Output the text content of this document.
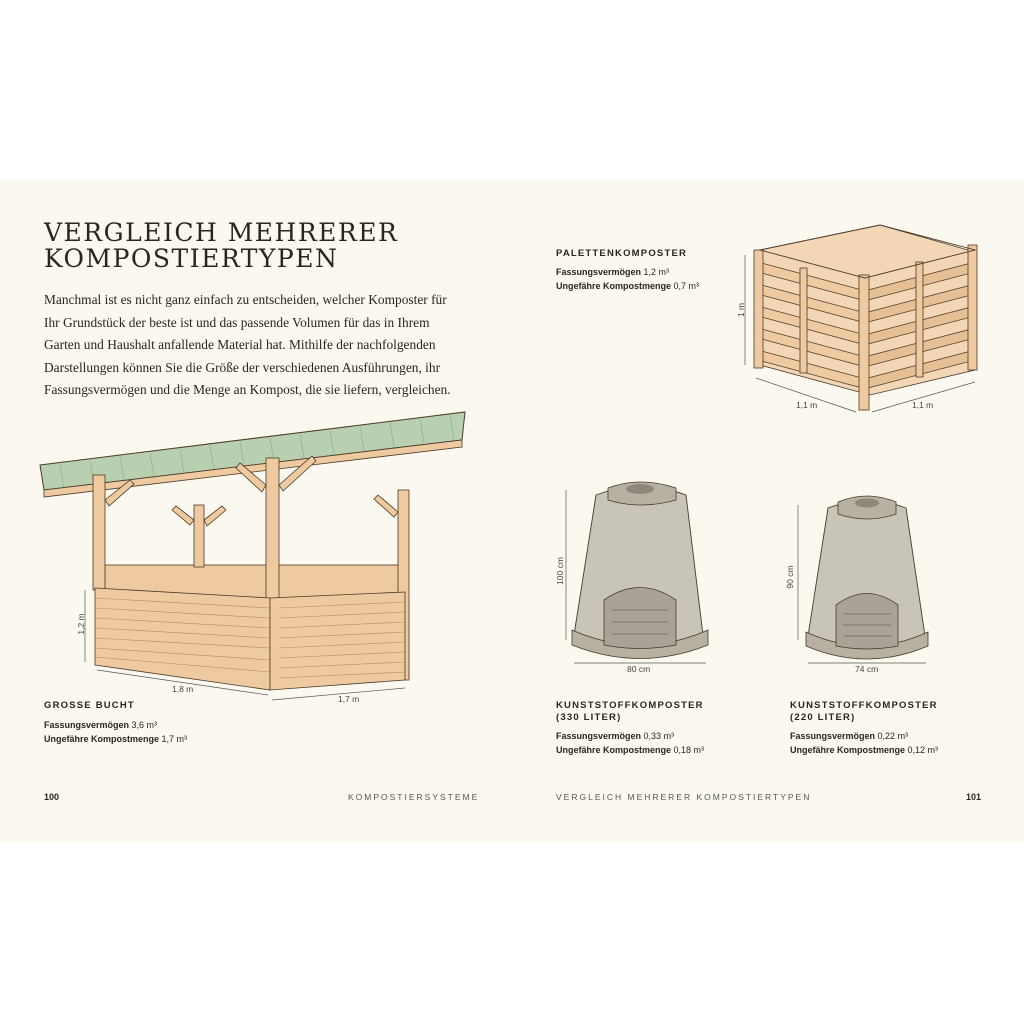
VERGLEICH MEHRERER
KOMPOSTIERTYPEN

Manchmal ist es nicht ganz einfach zu entscheiden, welcher Komposter für Ihr Grundstück der beste ist und das passende Volumen für das in Ihrem Garten und Haushalt anfallende Material hat. Mithilfe der nachfolgenden Darstellungen können Sie die Größe der verschiedenen Ausführungen, ihr Fassungsvermögen und die Menge an Kompost, die sie liefern, vergleichen.

1,2 m
1,8 m
1,7 m
GROSSE BUCHT
Fassungsvermögen 3,6 m³
Ungefähre Kompostmenge 1,7 m³
PALETTENKOMPOSTER
Fassungsvermögen 1,2 m³
Ungefähre Kompostmenge 0,7 m³
1 m
1,1 m	1,1 m
100 cm
80 cm
KUNSTSTOFFKOMPOSTER
(330 LITER)
Fassungsvermögen 0,33 m³
Ungefähre Kompostmenge 0,18 m³
90 cm
74 cm
KUNSTSTOFFKOMPOSTER
(220 LITER)
Fassungsvermögen 0,22 m³
Ungefähre Kompostmenge 0,12 m³
100	KOMPOSTIERSYSTEME	VERGLEICH MEHRERER KOMPOSTIERTYPEN	101
